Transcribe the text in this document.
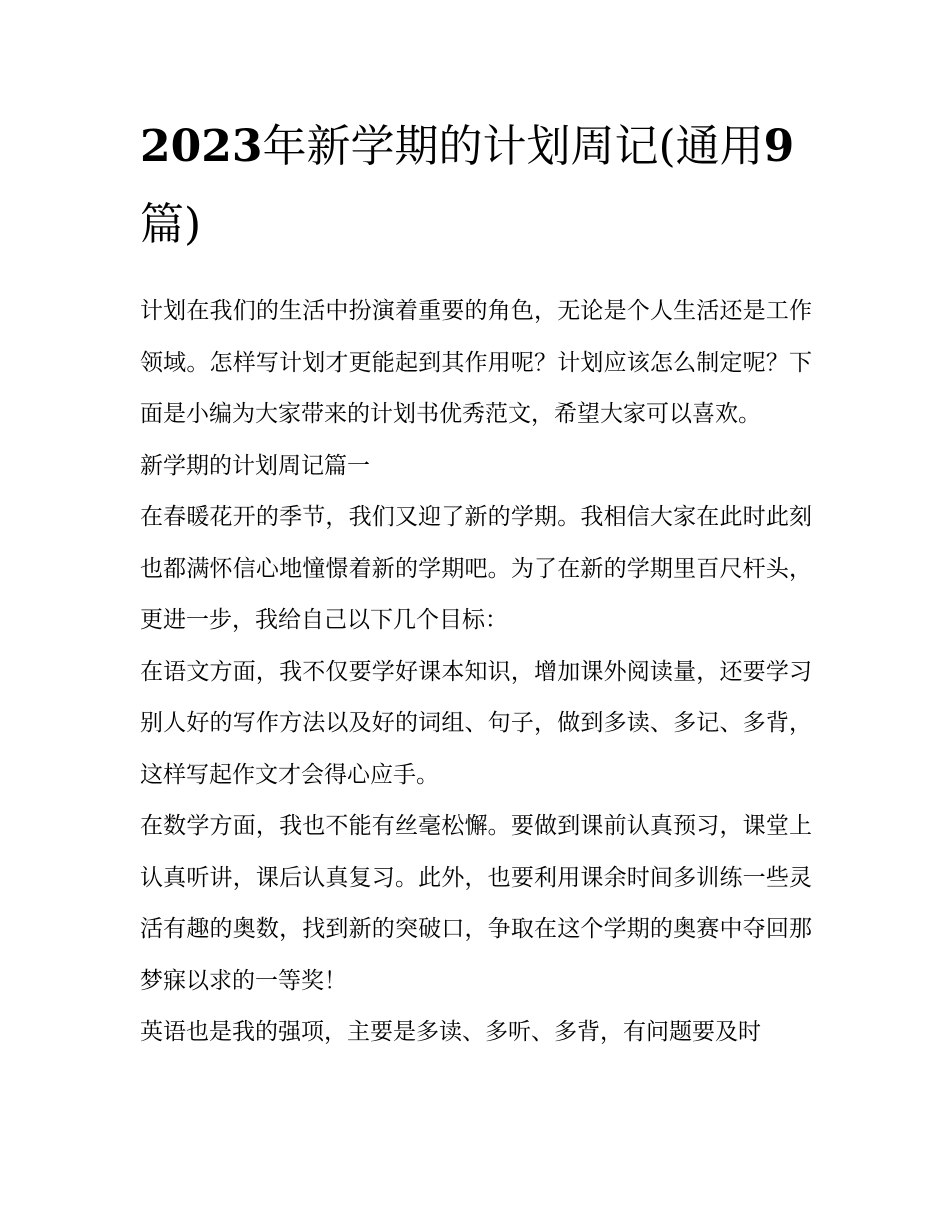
2023年新学期的计划周记(通用9篇)

计划在我们的生活中扮演着重要的角色，无论是个人生活还是工作领域。怎样写计划才更能起到其作用呢？计划应该怎么制定呢？下面是小编为大家带来的计划书优秀范文，希望大家可以喜欢。

新学期的计划周记篇一

在春暖花开的季节，我们又迎了新的学期。我相信大家在此时此刻也都满怀信心地憧憬着新的学期吧。为了在新的学期里百尺杆头，更进一步，我给自己以下几个目标：

在语文方面，我不仅要学好课本知识，增加课外阅读量，还要学习别人好的写作方法以及好的词组、句子，做到多读、多记、多背，这样写起作文才会得心应手。

在数学方面，我也不能有丝毫松懈。要做到课前认真预习，课堂上认真听讲，课后认真复习。此外，也要利用课余时间多训练一些灵活有趣的奥数，找到新的突破口，争取在这个学期的奥赛中夺回那梦寐以求的一等奖！

英语也是我的强项，主要是多读、多听、多背，有问题要及时
